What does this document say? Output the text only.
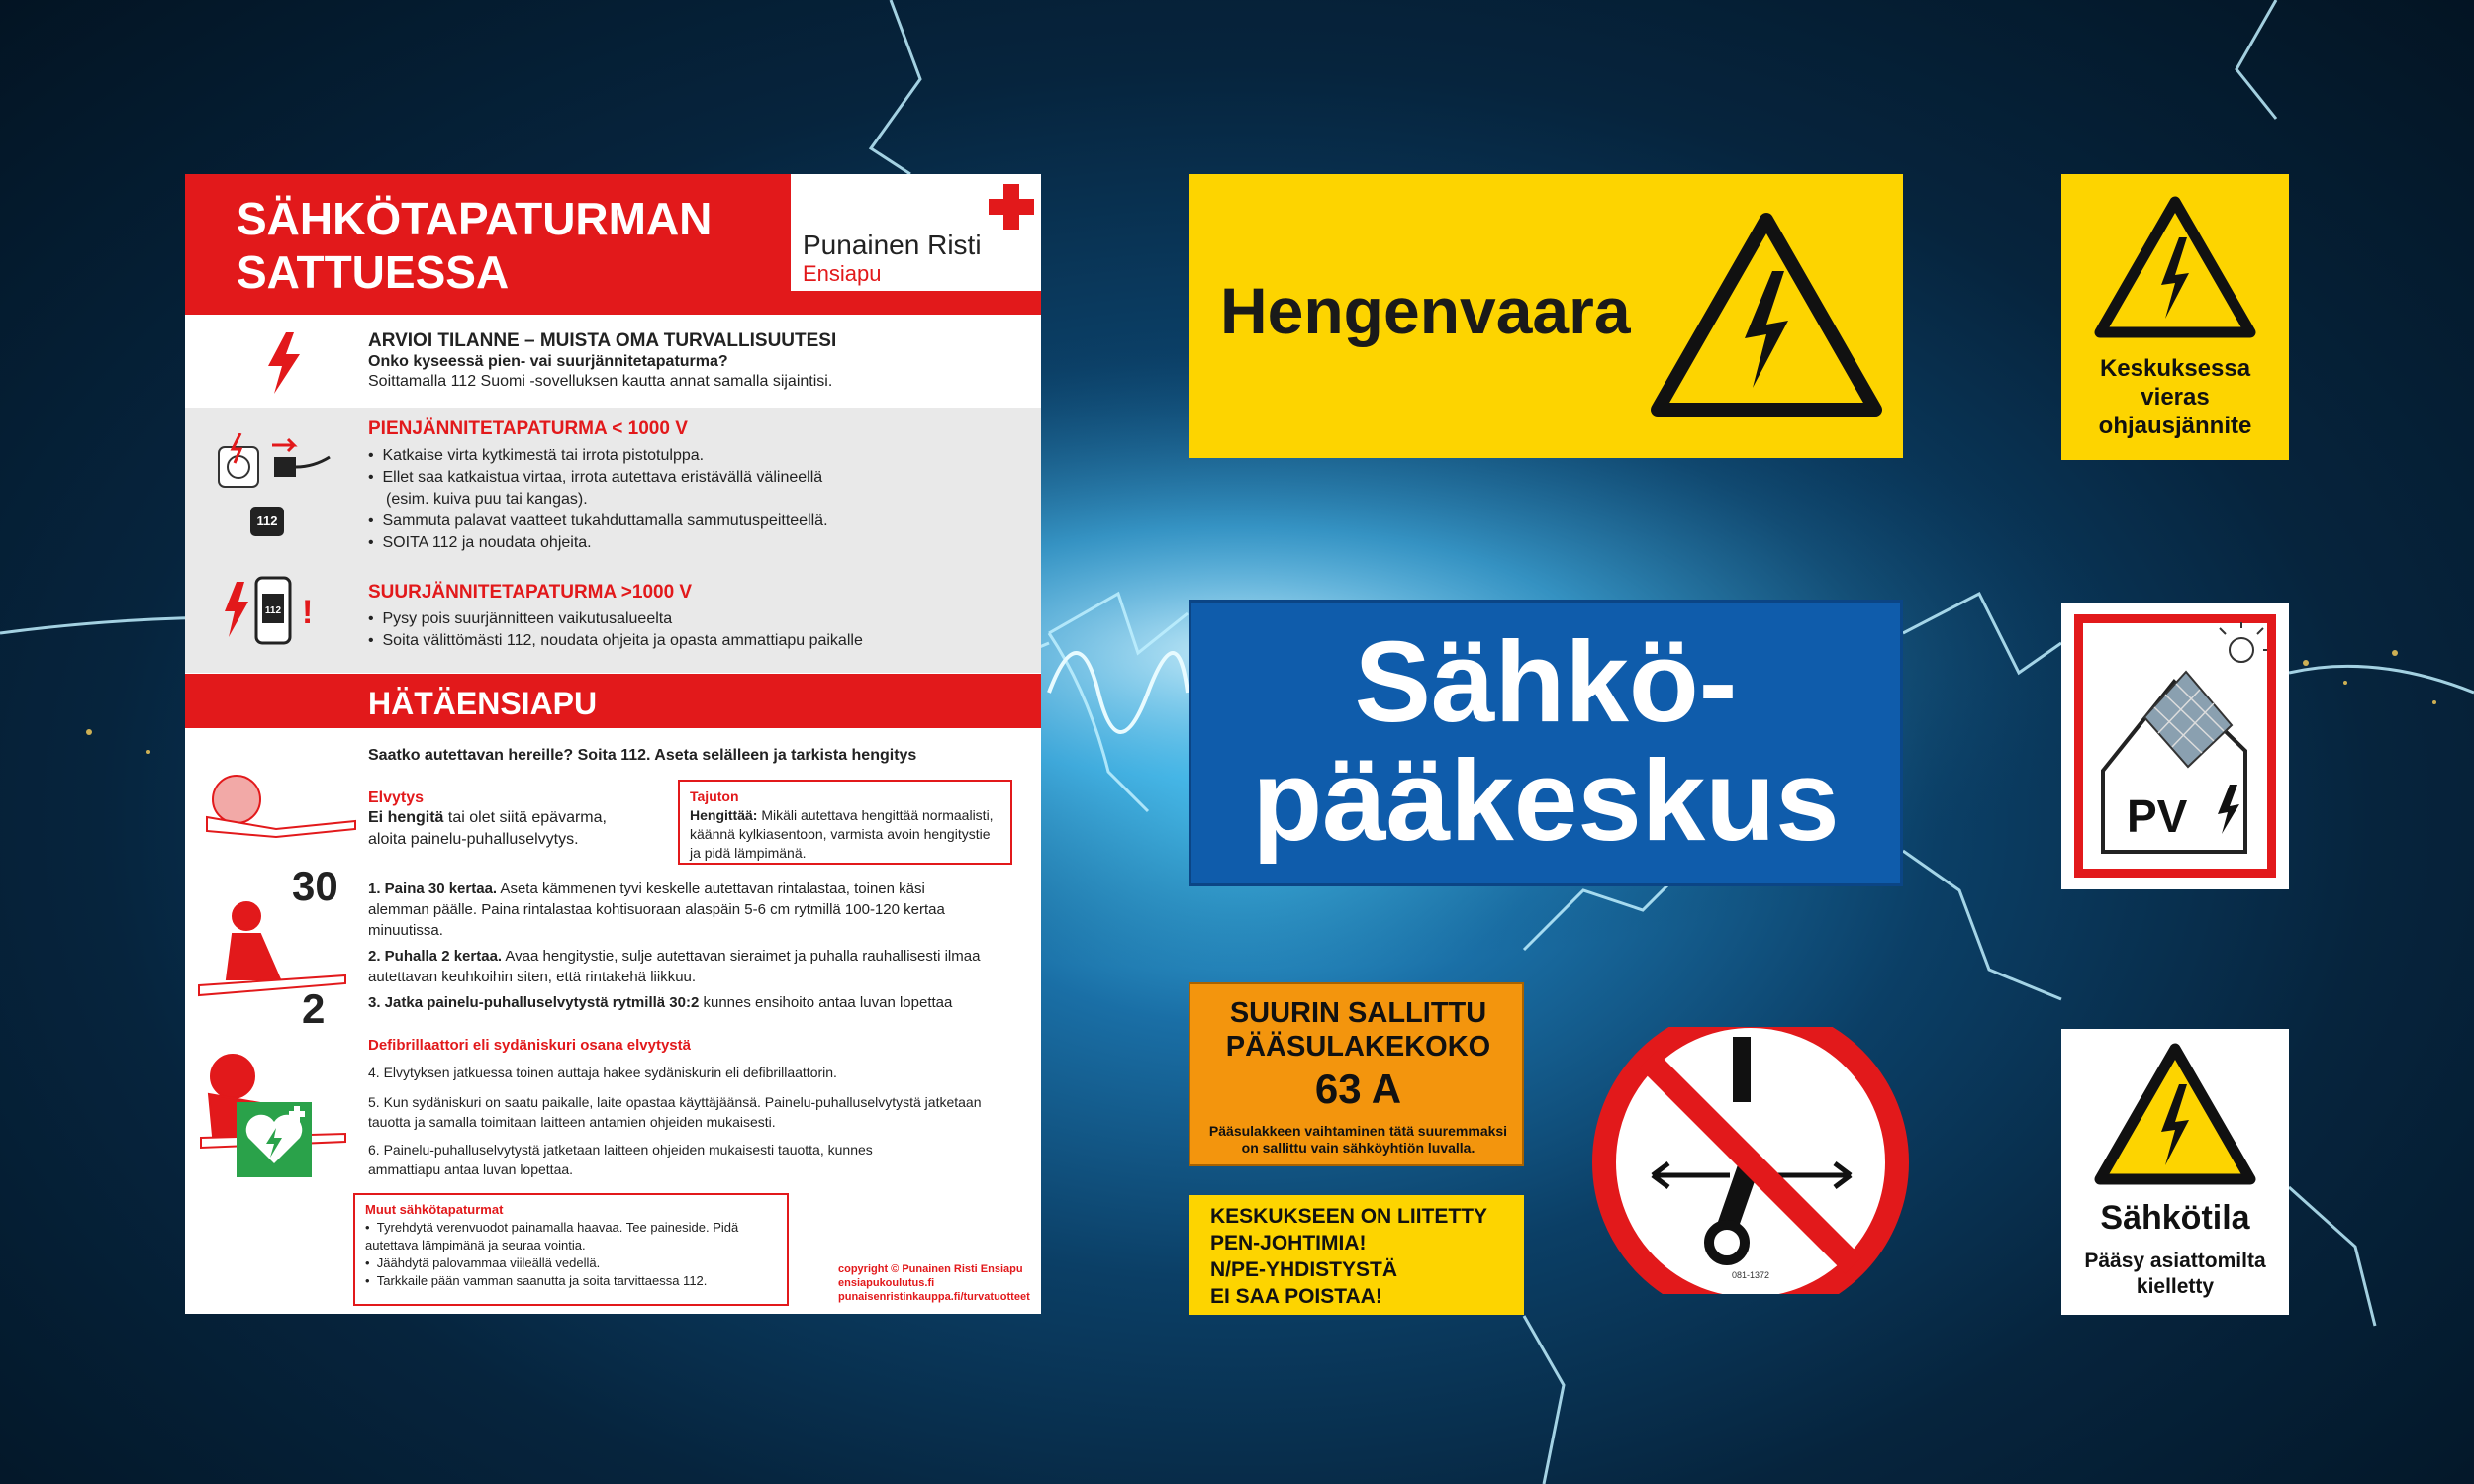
SÄHKÖTAPATURMAN
SATTUESSA
Punainen Risti
Ensiapu
ARVIOI TILANNE – MUISTA OMA TURVALLISUUTESI
Onko kyseessä pien- vai suurjännitetapaturma?
Soittamalla 112 Suomi -sovelluksen kautta annat samalla sijaintisi.
112
PIENJÄNNITETAPATURMA < 1000 V
•  Katkaise virta kytkimestä tai irrota pistotulppa.
•  Ellet saa katkaistua virtaa, irrota autettava eristävällä välineellä
(esim. kuiva puu tai kangas).
•  Sammuta palavat vaatteet tukahduttamalla sammutuspeitteellä.
•  SOITA 112 ja noudata ohjeita.
112 !
SUURJÄNNITETAPATURMA >1000 V
•  Pysy pois suurjännitteen vaikutusalueelta
•  Soita välittömästi 112, noudata ohjeita ja opasta ammattiapu paikalle
HÄTÄENSIAPU
Saatko autettavan hereille? Soita 112. Aseta selälleen ja tarkista hengitys
Elvytys
Ei hengitä tai olet siitä epävarma,
aloita painelu-puhalluselvytys.
Tajuton
Hengittää: Mikäli autettava hengittää normaalisti, käännä kylkiasentoon, varmista avoin hengitystie ja pidä lämpimänä.
30
2
1. Paina 30 kertaa. Aseta kämmenen tyvi keskelle autettavan rintalastaa, toinen käsi alemman päälle. Paina rintalastaa kohtisuoraan alaspäin 5-6 cm rytmillä 100-120 kertaa minuutissa.
2. Puhalla 2 kertaa. Avaa hengitystie, sulje autettavan sieraimet ja puhalla rauhallisesti ilmaa autettavan keuhkoihin siten, että rintakehä liikkuu.
3. Jatka painelu-puhalluselvytystä rytmillä 30:2 kunnes ensihoito antaa luvan lopettaa
Defibrillaattori eli sydäniskuri osana elvytystä
4. Elvytyksen jatkuessa toinen auttaja hakee sydäniskurin eli defibrillaattorin.
5. Kun sydäniskuri on saatu paikalle, laite opastaa käyttäjäänsä. Painelu-puhalluselvytystä jatketaan tauotta ja samalla toimitaan laitteen antamien ohjeiden mukaisesti.
6. Painelu-puhalluselvytystä jatketaan laitteen ohjeiden mukaisesti tauotta, kunnes ammattiapu antaa luvan lopettaa.
Muut sähkötapaturmat
•  Tyrehdytä verenvuodot painamalla haavaa. Tee paineside. Pidä autettava lämpimänä ja seuraa vointia.
•  Jäähdytä palovammaa viileällä vedellä.
•  Tarkkaile pään vamman saanutta ja soita tarvittaessa 112.
copyright © Punainen Risti Ensiapu
ensiapukoulutus.fi
punaisenristinkauppa.fi/turvatuotteet
Hengenvaara
Keskuksessa
vieras
ohjausjännite
Sähkö-
pääkeskus	PV
SUURIN SALLITTU
PÄÄSULAKEKOKO
63 A
Pääsulakkeen vaihtaminen tätä suuremmaksi
on sallittu vain sähköyhtiön luvalla.
KESKUKSEEN ON LIITETTY
PEN-JOHTIMIA!
N/PE-YHDISTYSTÄ
EI SAA POISTAA!
081-1372
Sähkötila
Pääsy asiattomilta
kielletty
